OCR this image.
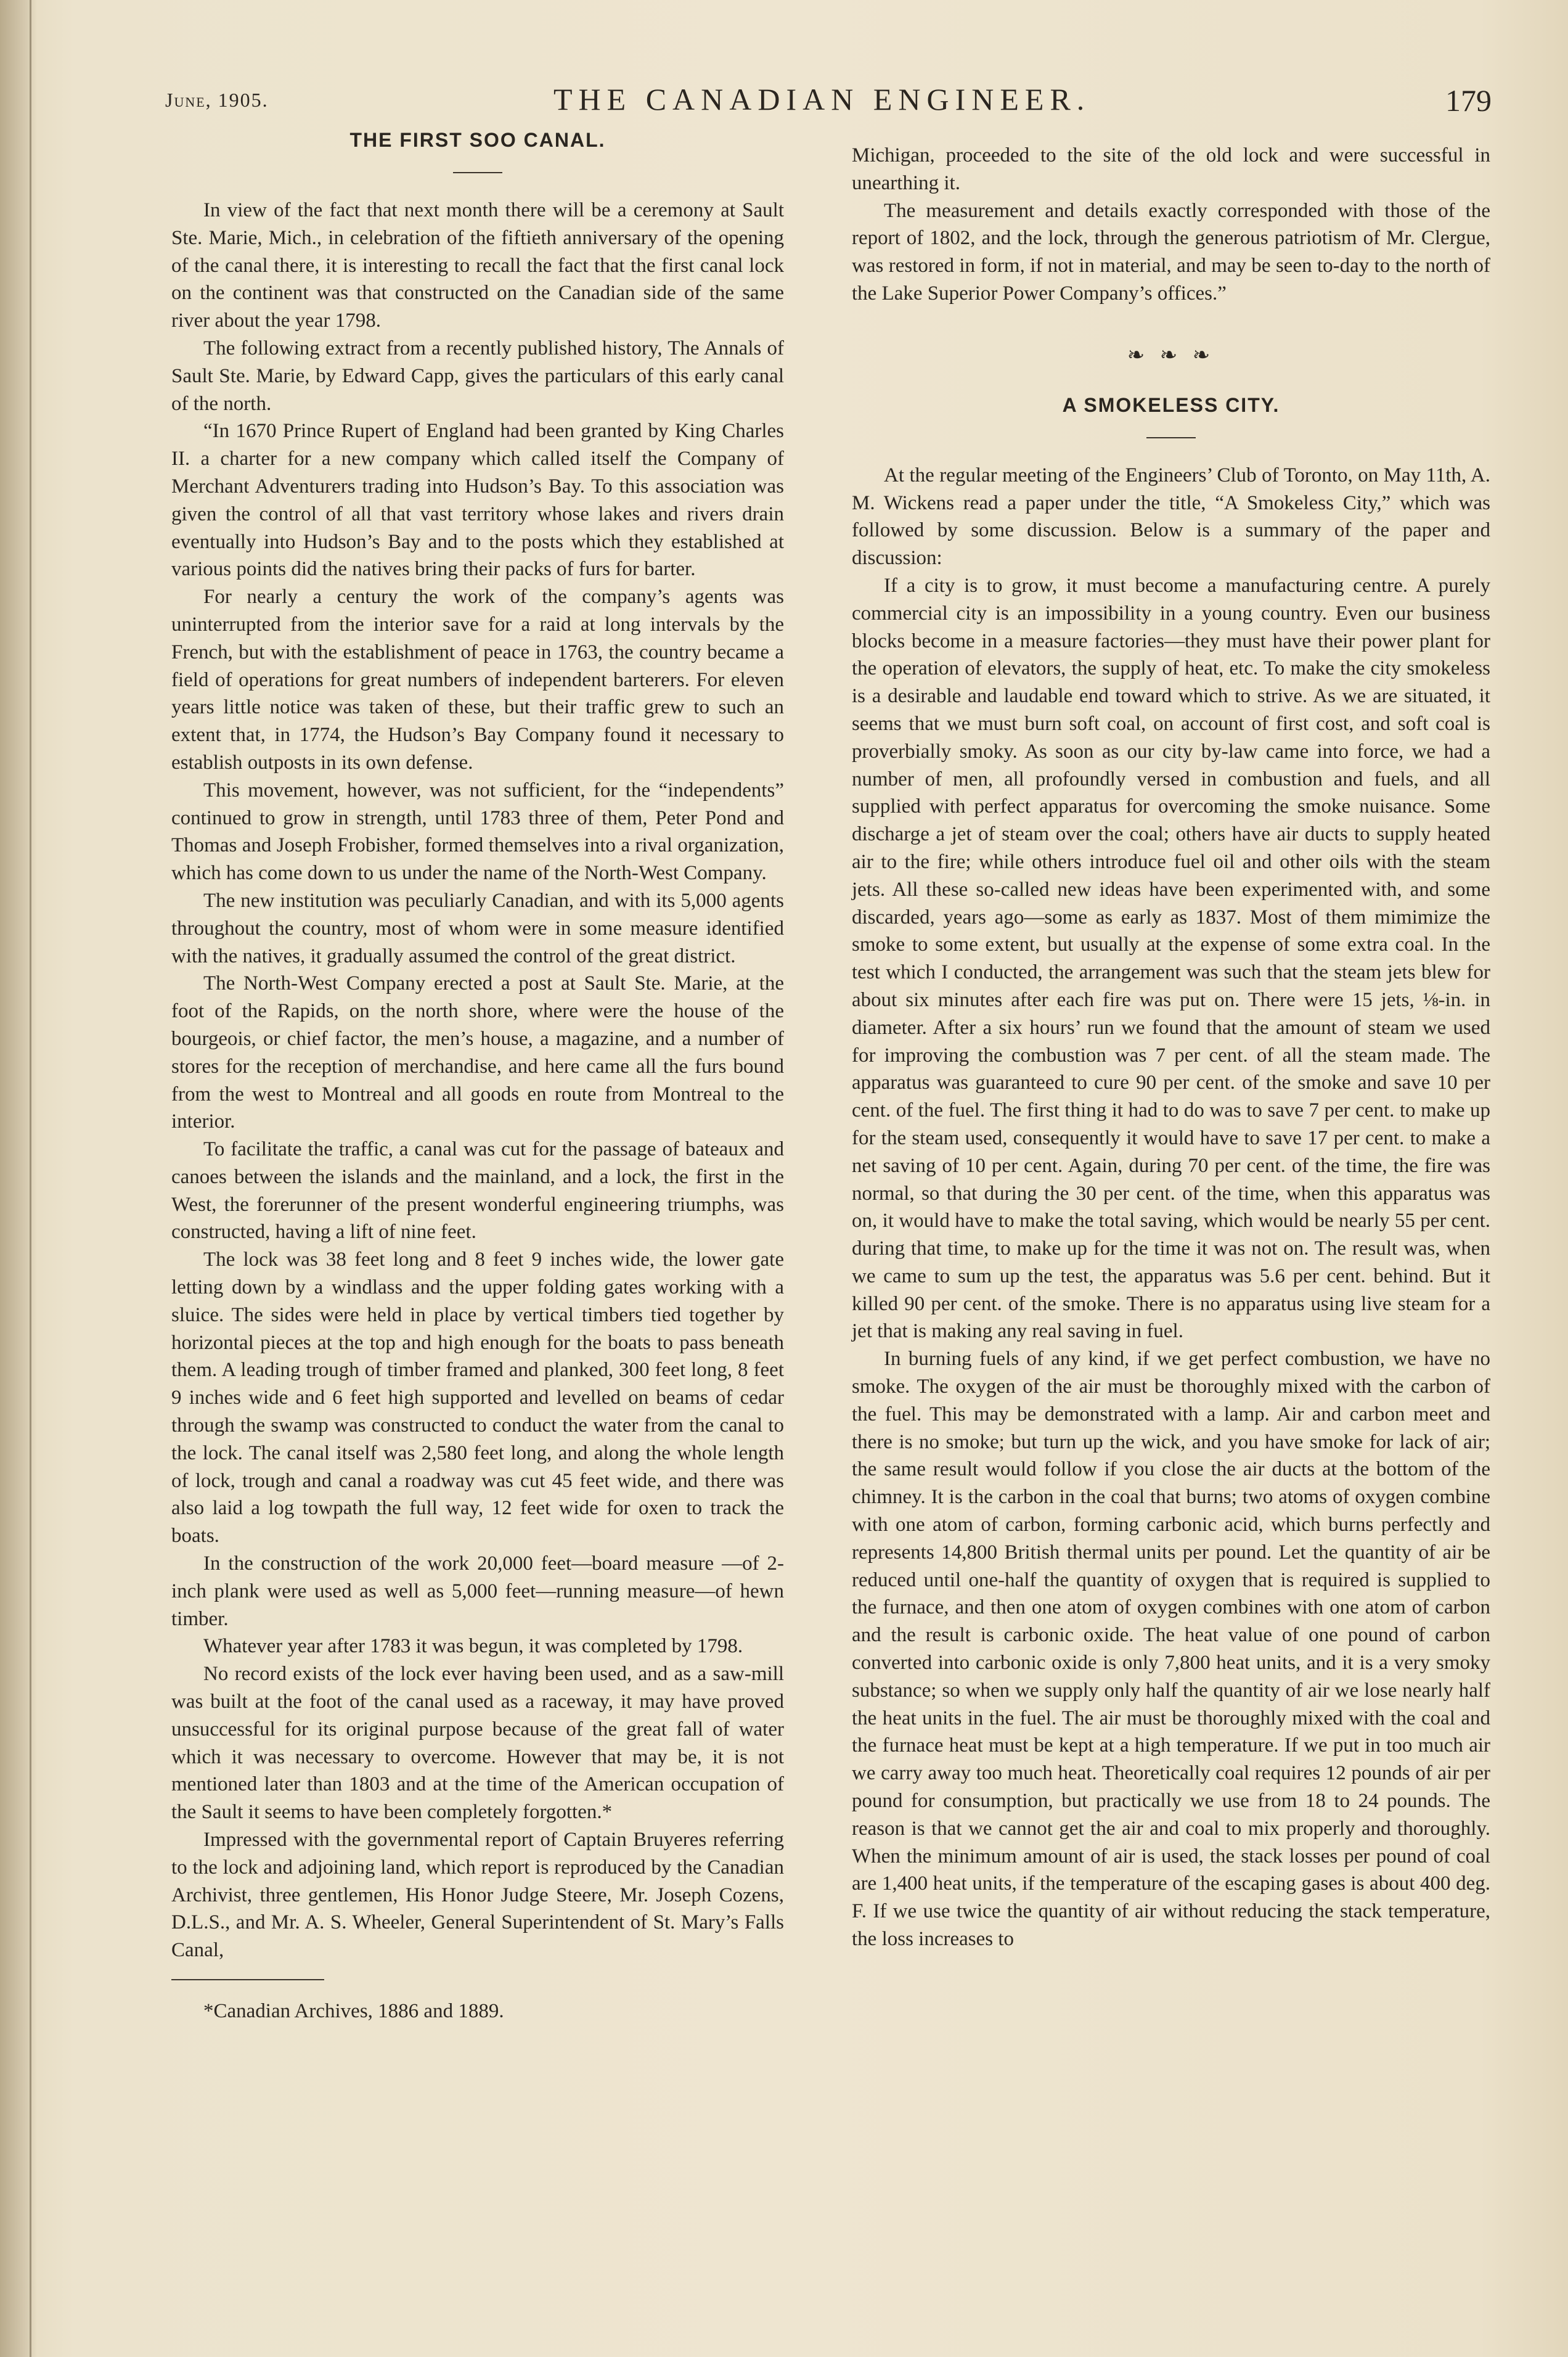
June, 1905.	THE CANADIAN ENGINEER.	179
THE FIRST SOO CANAL.

In view of the fact that next month there will be a ceremony at Sault Ste. Marie, Mich., in celebration of the fiftieth anniversary of the opening of the canal there, it is interesting to recall the fact that the first canal lock on the continent was that constructed on the Canadian side of the same river about the year 1798.

The following extract from a recently published history, The Annals of Sault Ste. Marie, by Edward Capp, gives the particulars of this early canal of the north.

“In 1670 Prince Rupert of England had been granted by King Charles II. a charter for a new company which called itself the Company of Merchant Adventurers trading into Hudson’s Bay. To this association was given the control of all that vast territory whose lakes and rivers drain eventually into Hudson’s Bay and to the posts which they established at various points did the natives bring their packs of furs for barter.

For nearly a century the work of the company’s agents was uninterrupted from the interior save for a raid at long intervals by the French, but with the establishment of peace in 1763, the country became a field of operations for great numbers of independent barterers. For eleven years little notice was taken of these, but their traffic grew to such an extent that, in 1774, the Hudson’s Bay Company found it necessary to establish outposts in its own defense.

This movement, however, was not sufficient, for the “independents” continued to grow in strength, until 1783 three of them, Peter Pond and Thomas and Joseph Frobisher, formed themselves into a rival organization, which has come down to us under the name of the North-West Company.

The new institution was peculiarly Canadian, and with its 5,000 agents throughout the country, most of whom were in some measure identified with the natives, it gradually assumed the control of the great district.

The North-West Company erected a post at Sault Ste. Marie, at the foot of the Rapids, on the north shore, where were the house of the bourgeois, or chief factor, the men’s house, a magazine, and a number of stores for the reception of merchandise, and here came all the furs bound from the west to Montreal and all goods en route from Montreal to the interior.

To facilitate the traffic, a canal was cut for the passage of bateaux and canoes between the islands and the mainland, and a lock, the first in the West, the forerunner of the present wonderful engineering triumphs, was constructed, having a lift of nine feet.

The lock was 38 feet long and 8 feet 9 inches wide, the lower gate letting down by a windlass and the upper folding gates working with a sluice. The sides were held in place by vertical timbers tied together by horizontal pieces at the top and high enough for the boats to pass beneath them. A leading trough of timber framed and planked, 300 feet long, 8 feet 9 inches wide and 6 feet high supported and levelled on beams of cedar through the swamp was constructed to conduct the water from the canal to the lock. The canal itself was 2,580 feet long, and along the whole length of lock, trough and canal a roadway was cut 45 feet wide, and there was also laid a log towpath the full way, 12 feet wide for oxen to track the boats.

In the construction of the work 20,000 feet—board measure —of 2-inch plank were used as well as 5,000 feet—running measure—of hewn timber.

Whatever year after 1783 it was begun, it was completed by 1798.

No record exists of the lock ever having been used, and as a saw-mill was built at the foot of the canal used as a raceway, it may have proved unsuccessful for its original purpose because of the great fall of water which it was necessary to overcome. However that may be, it is not mentioned later than 1803 and at the time of the American occupation of the Sault it seems to have been completely forgotten.*

Impressed with the governmental report of Captain Bruyeres referring to the lock and adjoining land, which report is reproduced by the Canadian Archivist, three gentlemen, His Honor Judge Steere, Mr. Joseph Cozens, D.L.S., and Mr. A. S. Wheeler, General Superintendent of St. Mary’s Falls Canal,

*Canadian Archives, 1886 and 1889.

Michigan, proceeded to the site of the old lock and were successful in unearthing it.

The measurement and details exactly corresponded with those of the report of 1802, and the lock, through the generous patriotism of Mr. Clergue, was restored in form, if not in material, and may be seen to-day to the north of the Lake Superior Power Company’s offices.”

❧ ❧ ❧
A SMOKELESS CITY.

At the regular meeting of the Engineers’ Club of Toronto, on May 11th, A. M. Wickens read a paper under the title, “A Smokeless City,” which was followed by some discussion. Below is a summary of the paper and discussion:

If a city is to grow, it must become a manufacturing centre. A purely commercial city is an impossibility in a young country. Even our business blocks become in a measure factories—they must have their power plant for the operation of elevators, the supply of heat, etc. To make the city smokeless is a desirable and laudable end toward which to strive. As we are situated, it seems that we must burn soft coal, on account of first cost, and soft coal is proverbially smoky. As soon as our city by-law came into force, we had a number of men, all profoundly versed in combustion and fuels, and all supplied with perfect apparatus for overcoming the smoke nuisance. Some discharge a jet of steam over the coal; others have air ducts to supply heated air to the fire; while others introduce fuel oil and other oils with the steam jets. All these so-called new ideas have been experimented with, and some discarded, years ago—some as early as 1837. Most of them mimimize the smoke to some extent, but usually at the expense of some extra coal. In the test which I conducted, the arrangement was such that the steam jets blew for about six minutes after each fire was put on. There were 15 jets, ⅛-in. in diameter. After a six hours’ run we found that the amount of steam we used for improving the combustion was 7 per cent. of all the steam made. The apparatus was guaranteed to cure 90 per cent. of the smoke and save 10 per cent. of the fuel. The first thing it had to do was to save 7 per cent. to make up for the steam used, consequently it would have to save 17 per cent. to make a net saving of 10 per cent. Again, during 70 per cent. of the time, the fire was normal, so that during the 30 per cent. of the time, when this apparatus was on, it would have to make the total saving, which would be nearly 55 per cent. during that time, to make up for the time it was not on. The result was, when we came to sum up the test, the apparatus was 5.6 per cent. behind. But it killed 90 per cent. of the smoke. There is no apparatus using live steam for a jet that is making any real saving in fuel.

In burning fuels of any kind, if we get perfect combustion, we have no smoke. The oxygen of the air must be thoroughly mixed with the carbon of the fuel. This may be demonstrated with a lamp. Air and carbon meet and there is no smoke; but turn up the wick, and you have smoke for lack of air; the same result would follow if you close the air ducts at the bottom of the chimney. It is the carbon in the coal that burns; two atoms of oxygen combine with one atom of carbon, forming carbonic acid, which burns perfectly and represents 14,800 British thermal units per pound. Let the quantity of air be reduced until one-half the quantity of oxygen that is required is supplied to the furnace, and then one atom of oxygen combines with one atom of carbon and the result is carbonic oxide. The heat value of one pound of carbon converted into carbonic oxide is only 7,800 heat units, and it is a very smoky substance; so when we supply only half the quantity of air we lose nearly half the heat units in the fuel. The air must be thoroughly mixed with the coal and the furnace heat must be kept at a high temperature. If we put in too much air we carry away too much heat. Theoretically coal requires 12 pounds of air per pound for consumption, but practically we use from 18 to 24 pounds. The reason is that we cannot get the air and coal to mix properly and thoroughly. When the minimum amount of air is used, the stack losses per pound of coal are 1,400 heat units, if the temperature of the escaping gases is about 400 deg. F. If we use twice the quantity of air without reducing the stack temperature, the loss increases to
